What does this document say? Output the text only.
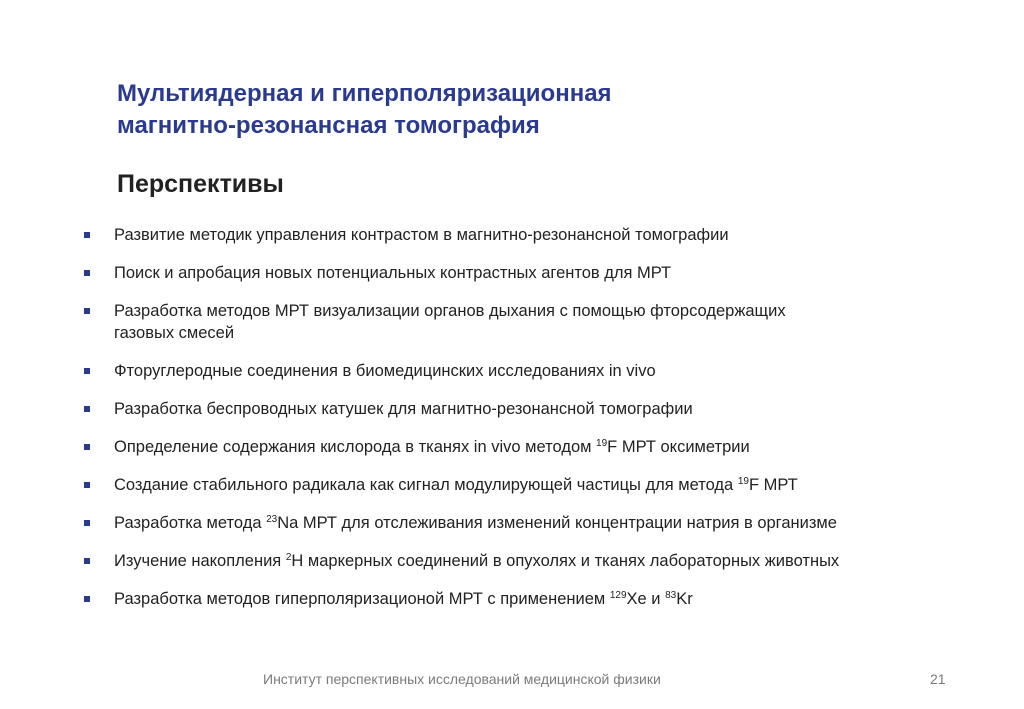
Мультиядерная и гиперполяризационная
магнитно-резонансная томография
Перспективы
Развитие методик управления контрастом в магнитно-резонансной томографии
Поиск и апробация новых потенциальных контрастных агентов для МРТ
Разработка методов МРТ визуализации органов дыхания с помощью фторсодержащих
газовых смесей
Фторуглеродные соединения в биомедицинских исследованиях in vivo
Разработка беспроводных катушек для магнитно-резонансной томографии
Определение содержания кислорода в тканях in vivo методом $^{19}$F МРТ оксиметрии
Создание стабильного радикала как сигнал модулирующей частицы для метода $^{19}$F МРТ
Разработка метода $^{23}$Na МРТ для отслеживания изменений концентрации натрия в организме
Изучение накопления $^2$H маркерных соединений в опухолях и тканях лабораторных животных
Разработка методов гиперполяризационой МРТ с применением $^{129}$Xe и $^{83}$Kr
Институт перспективных исследований медицинской физики	21
